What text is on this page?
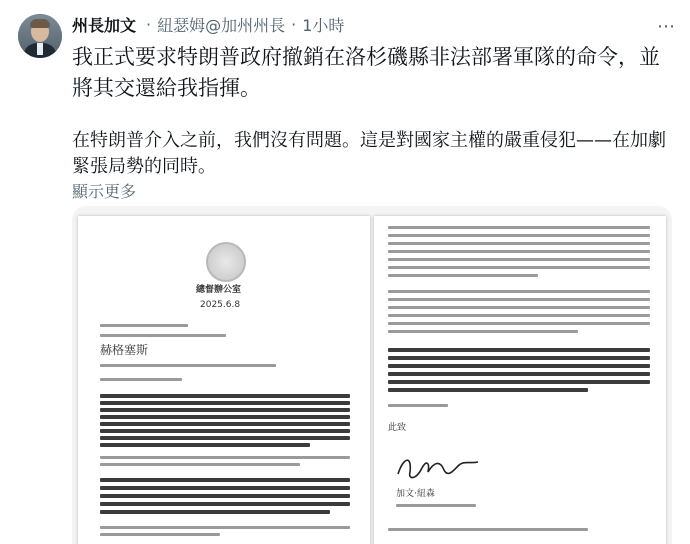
州長加文 · 紐瑟姆@加州州長 · 1小時	⋯
我正式要求特朗普政府撤銷在洛杉磯縣非法部署軍隊的命令，並將其交還給我指揮。
在特朗普介入之前，我們沒有問題。這是對國家主權的嚴重侵犯——在加劇緊張局勢的同時。
顯示更多
總督辦公室
2025.6.8
赫格塞斯
此致
加文·紐森
